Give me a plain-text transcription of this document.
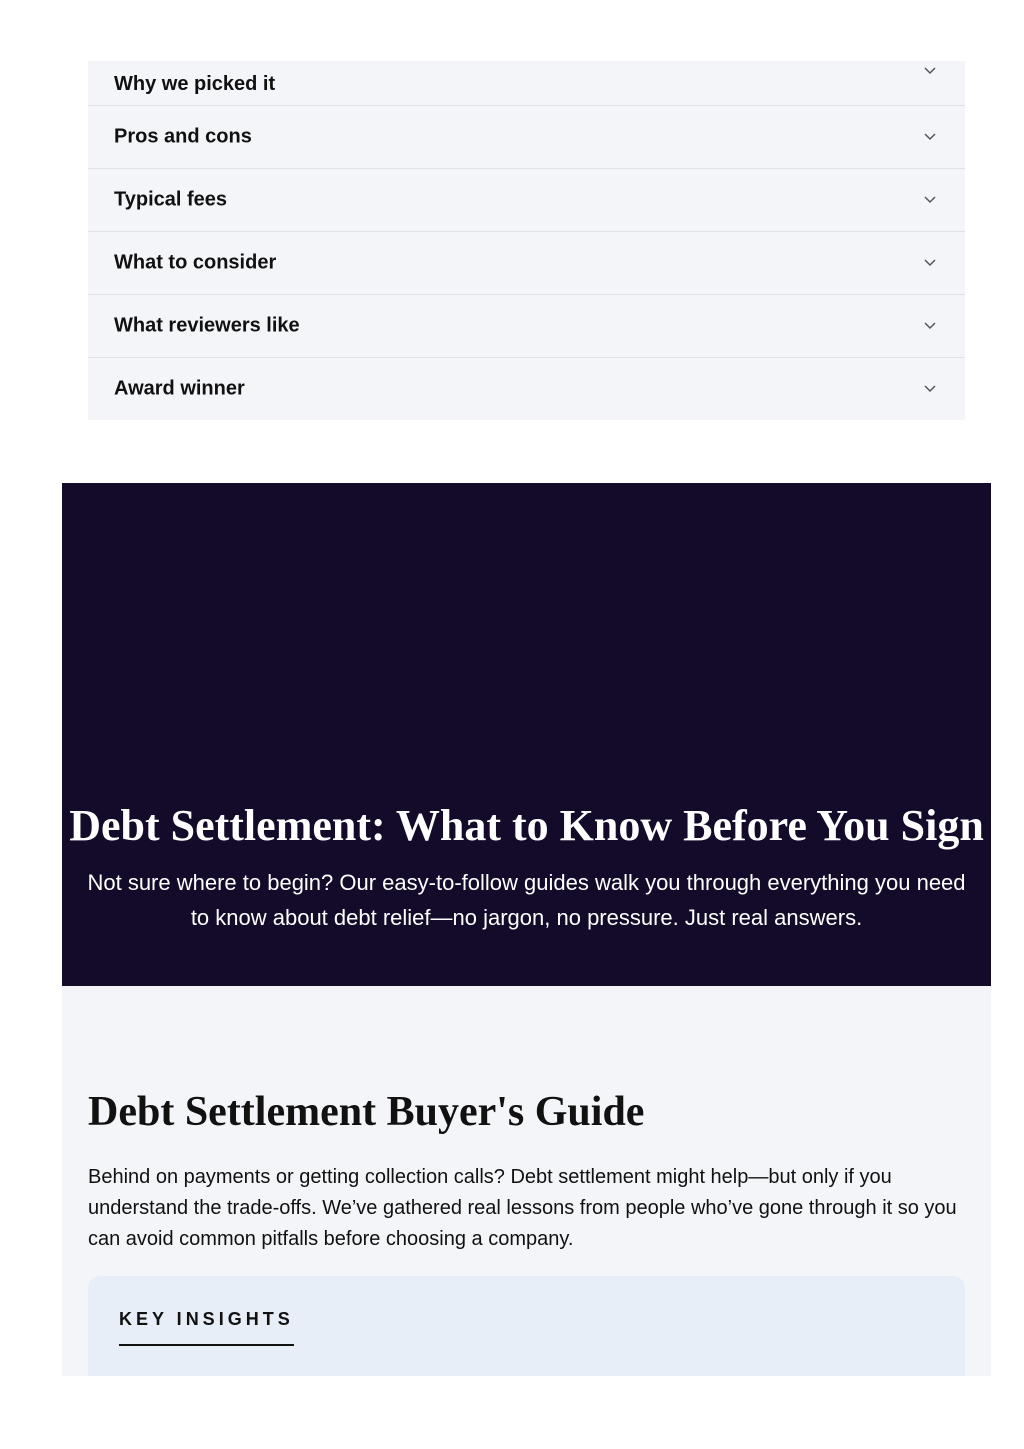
Why we picked it
Pros and cons
Typical fees
What to consider
What reviewers like
Award winner
Debt Settlement: What to Know Before You Sign

Not sure where to begin? Our easy-to-follow guides walk you through everything you need to know about debt relief—no jargon, no pressure. Just real answers.

Debt Settlement Buyer's Guide

Behind on payments or getting collection calls? Debt settlement might help—but only if you understand the trade-offs. We’ve gathered real lessons from people who’ve gone through it so you can avoid common pitfalls before choosing a company.

KEY INSIGHTS
